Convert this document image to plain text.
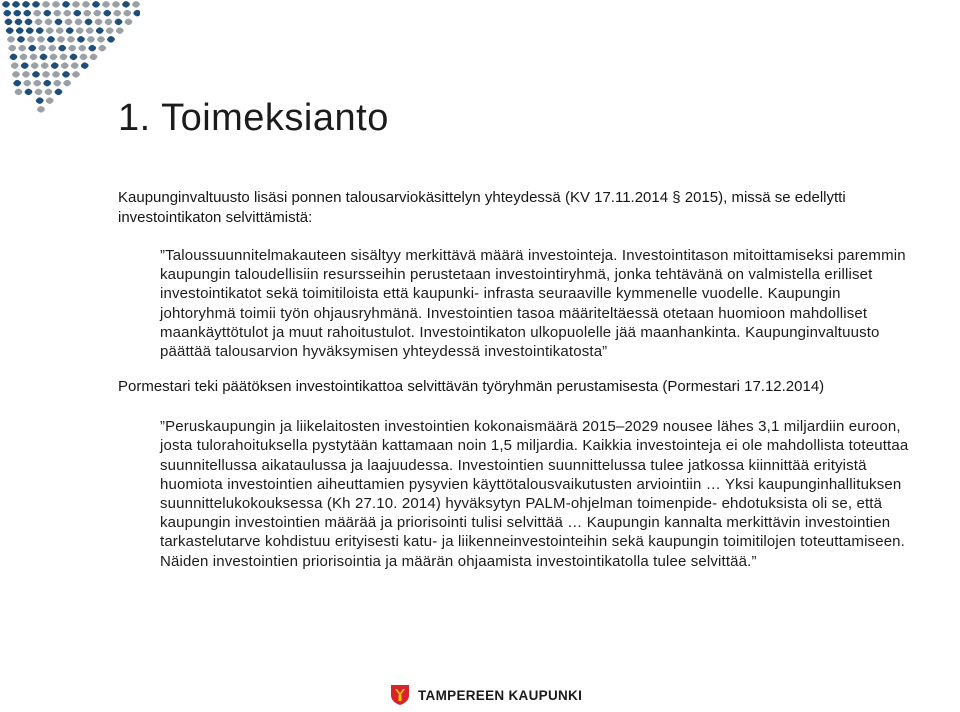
1. Toimeksianto

Kaupunginvaltuusto lisäsi ponnen talousarviokäsittelyn yhteydessä (KV 17.11.2014 § 2015), missä se edellytti investointikaton selvittämistä:

”Taloussuunnitelmakauteen sisältyy merkittävä määrä investointeja. Investointitason mitoittamiseksi paremmin kaupungin taloudellisiin resursseihin perustetaan investointiryhmä, jonka tehtävänä on valmistella erilliset investointikatot sekä toimitiloista että kaupunki- infrasta seuraaville kymmenelle vuodelle. Kaupungin johtoryhmä toimii työn ohjausryhmänä. Investointien tasoa määriteltäessä otetaan huomioon mahdolliset maankäyttötulot ja muut rahoitustulot. Investointikaton ulkopuolelle jää maanhankinta. Kaupunginvaltuusto päättää talousarvion hyväksymisen yhteydessä investointikatosta”

Pormestari teki päätöksen investointikattoa selvittävän työryhmän perustamisesta (Pormestari 17.12.2014)

”Peruskaupungin ja liikelaitosten investointien kokonaismäärä 2015–2029 nousee lähes 3,1 miljardiin euroon, josta tulorahoituksella pystytään kattamaan noin 1,5 miljardia. Kaikkia investointeja ei ole mahdollista toteuttaa suunnitellussa aikataulussa ja laajuudessa. Investointien suunnittelussa tulee jatkossa kiinnittää erityistä huomiota investointien aiheuttamien pysyvien käyttötalousvaikutusten arviointiin … Yksi kaupunginhallituksen suunnittelukokouksessa (Kh 27.10. 2014) hyväksytyn PALM-ohjelman toimenpide- ehdotuksista oli se, että kaupungin investointien määrää ja priorisointi tulisi selvittää … Kaupungin kannalta merkittävin investointien tarkastelutarve kohdistuu erityisesti katu- ja liikenneinvestointeihin sekä kaupungin toimitilojen toteuttamiseen. Näiden investointien priorisointia ja määrän ohjaamista investointikatolla tulee selvittää.”

TAMPEREEN KAUPUNKI
